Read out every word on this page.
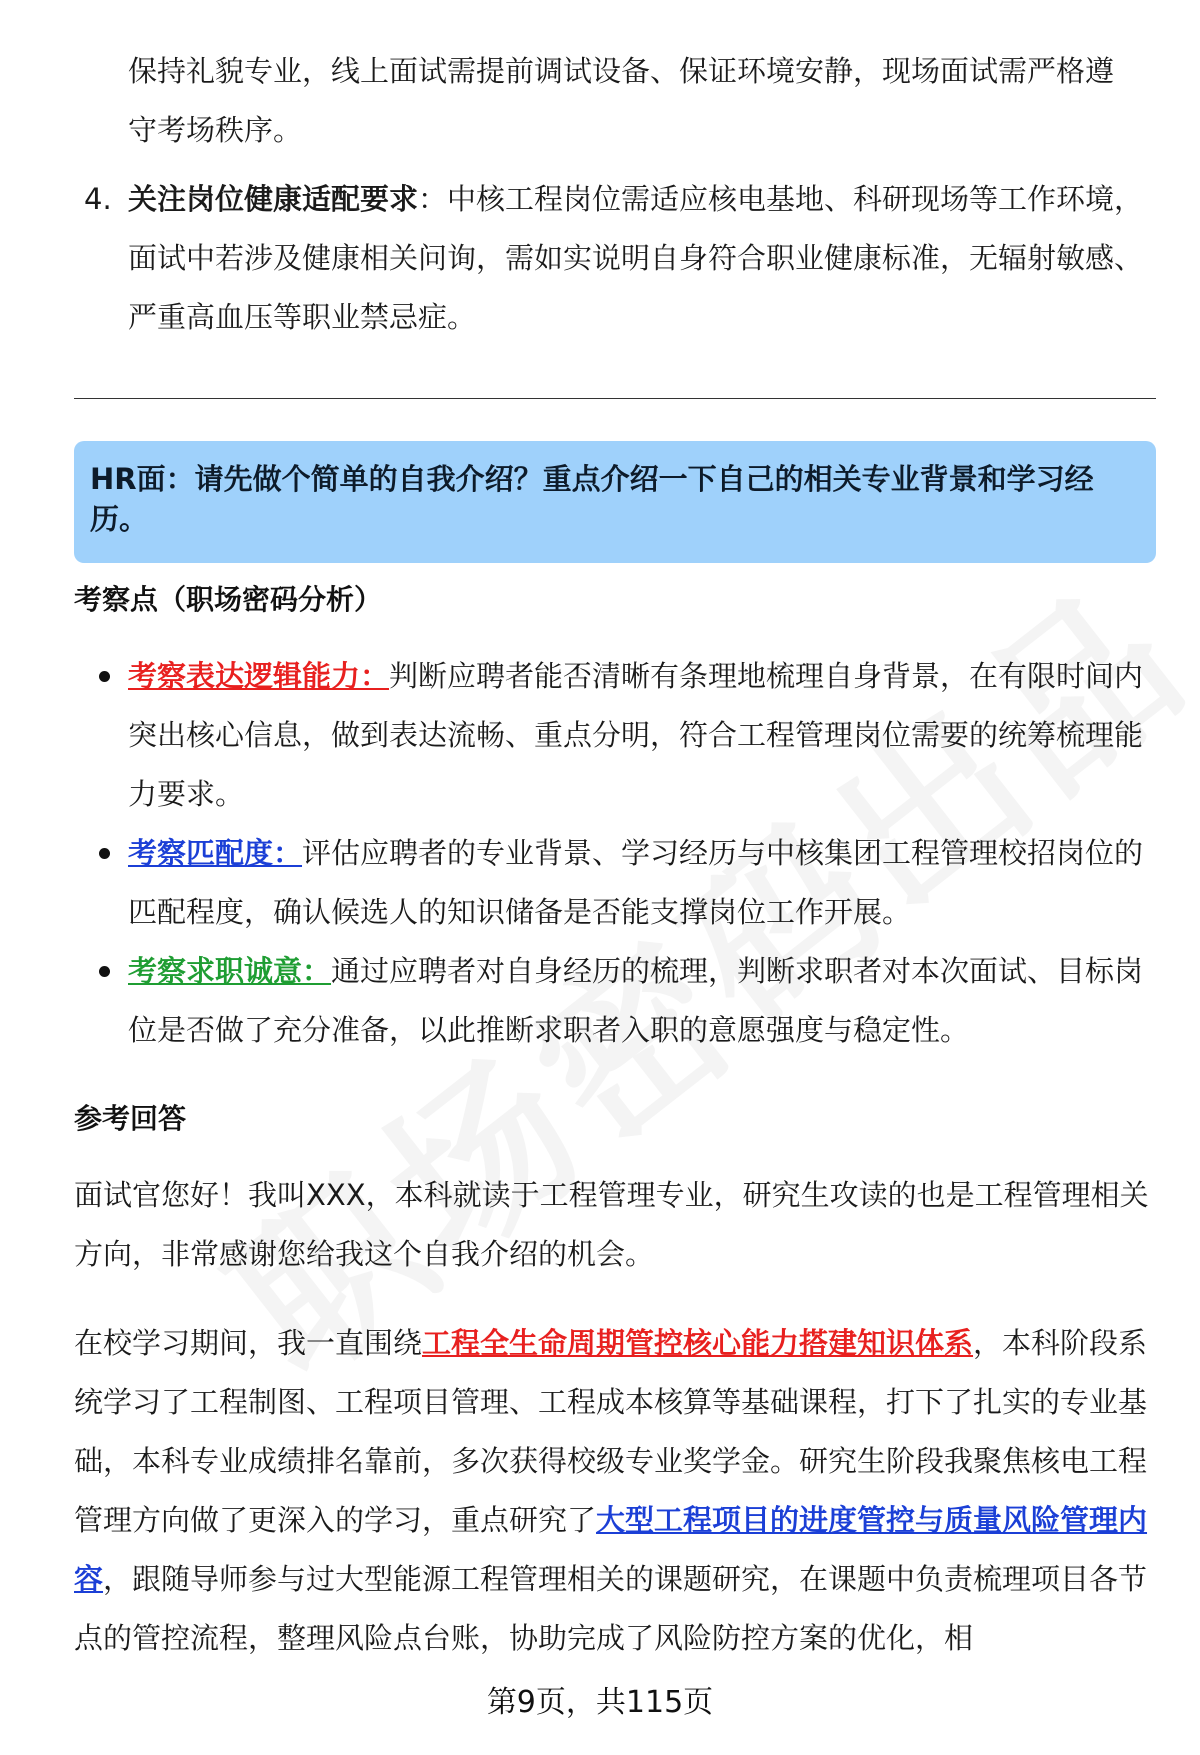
保持礼貌专业，线上面试需提前调试设备、保证环境安静，现场面试需严格遵
守考场秩序。
4. 关注岗位健康适配要求：中核工程岗位需适应核电基地、科研现场等工作环境，面试中若涉及健康相关问询，需如实说明自身符合职业健康标准，无辐射敏感、严重高血压等职业禁忌症。
HR面：请先做个简单的自我介绍？重点介绍一下自己的相关专业背景和学习经历。
考察点（职场密码分析）
考察表达逻辑能力：判断应聘者能否清晰有条理地梳理自身背景，在有限时间内突出核心信息，做到表达流畅、重点分明，符合工程管理岗位需要的统筹梳理能力要求。
考察匹配度：评估应聘者的专业背景、学习经历与中核集团工程管理校招岗位的匹配程度，确认候选人的知识储备是否能支撑岗位工作开展。
考察求职诚意：通过应聘者对自身经历的梳理，判断求职者对本次面试、目标岗位是否做了充分准备，以此推断求职者入职的意愿强度与稳定性。
参考回答
面试官您好！我叫XXX，本科就读于工程管理专业，研究生攻读的也是工程管理相关方向，非常感谢您给我这个自我介绍的机会。
在校学习期间，我一直围绕工程全生命周期管控核心能力搭建知识体系，本科阶段系统学习了工程制图、工程项目管理、工程成本核算等基础课程，打下了扎实的专业基础，本科专业成绩排名靠前，多次获得校级专业奖学金。研究生阶段我聚焦核电工程管理方向做了更深入的学习，重点研究了大型工程项目的进度管控与质量风险管理内容，跟随导师参与过大型能源工程管理相关的课题研究，在课题中负责梳理项目各节点的管控流程，整理风险点台账，协助完成了风险防控方案的优化，相
第9页，共115页
